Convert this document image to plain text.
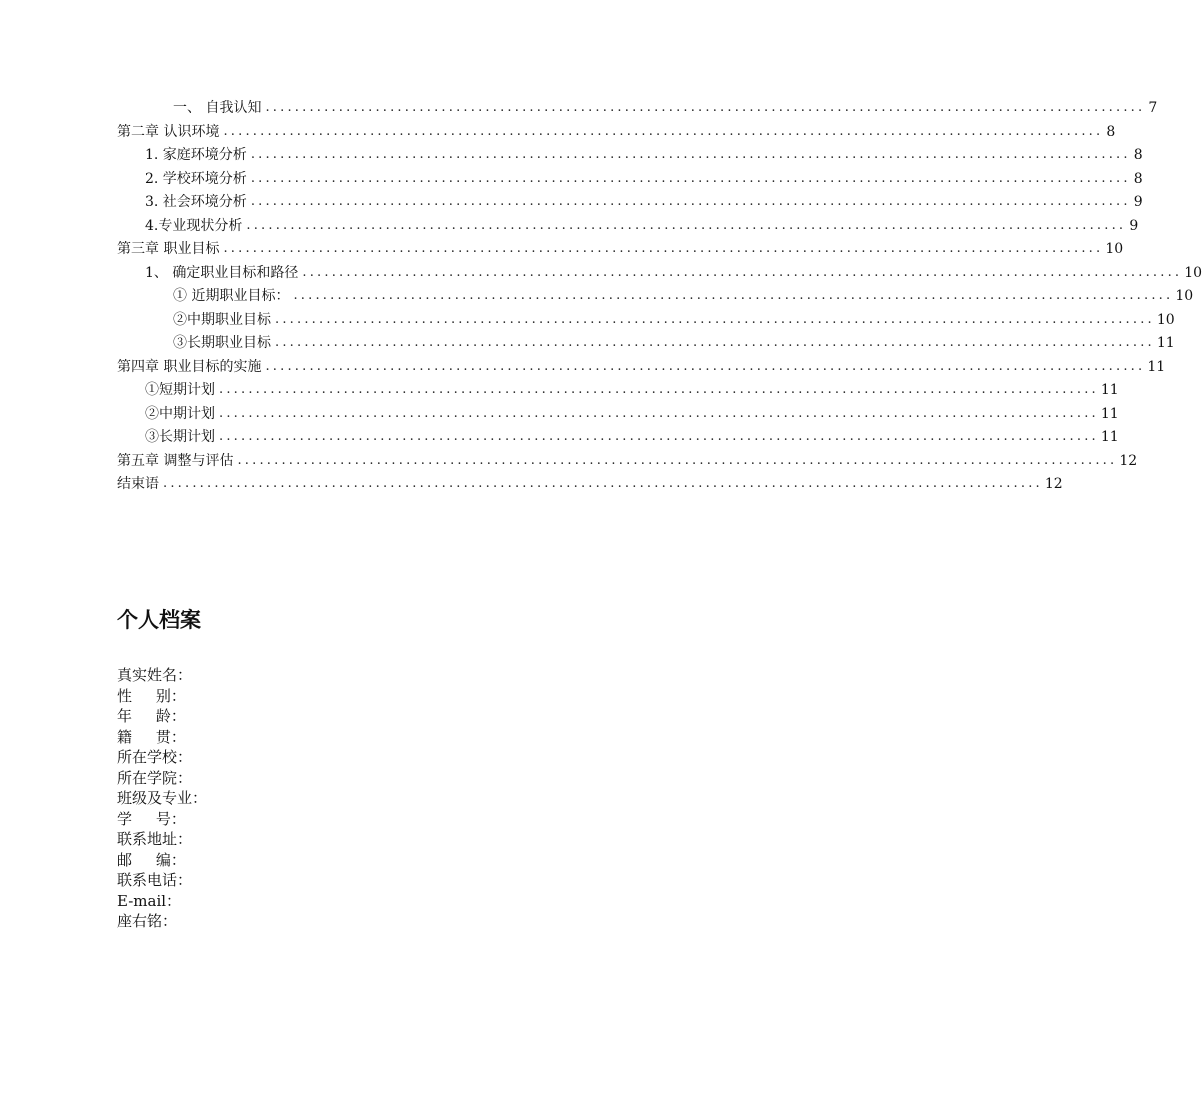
一、 自我认知 ........................................................................................................................ 7
第二章 认识环境 ........................................................................................................................ 8
1. 家庭环境分析 ........................................................................................................................ 8
2. 学校环境分析 ........................................................................................................................ 8
3. 社会环境分析 ........................................................................................................................ 9
4.专业现状分析 ........................................................................................................................ 9
第三章 职业目标 ........................................................................................................................ 10
1、 确定职业目标和路径 ........................................................................................................................ 10
① 近期职业目标： ........................................................................................................................ 10
②中期职业目标 ........................................................................................................................ 10
③长期职业目标 ........................................................................................................................ 11
第四章 职业目标的实施 ........................................................................................................................ 11
①短期计划 ........................................................................................................................ 11
②中期计划 ........................................................................................................................ 11
③长期计划 ........................................................................................................................ 11
第五章 调整与评估 ........................................................................................................................ 12
结束语 ........................................................................................................................ 12
个人档案
真实姓名：
性     别：
年     龄：
籍     贯：
所在学校：
所在学院：
班级及专业：
学     号：
联系地址：
邮     编：
联系电话：
E-mail：
座右铭：
